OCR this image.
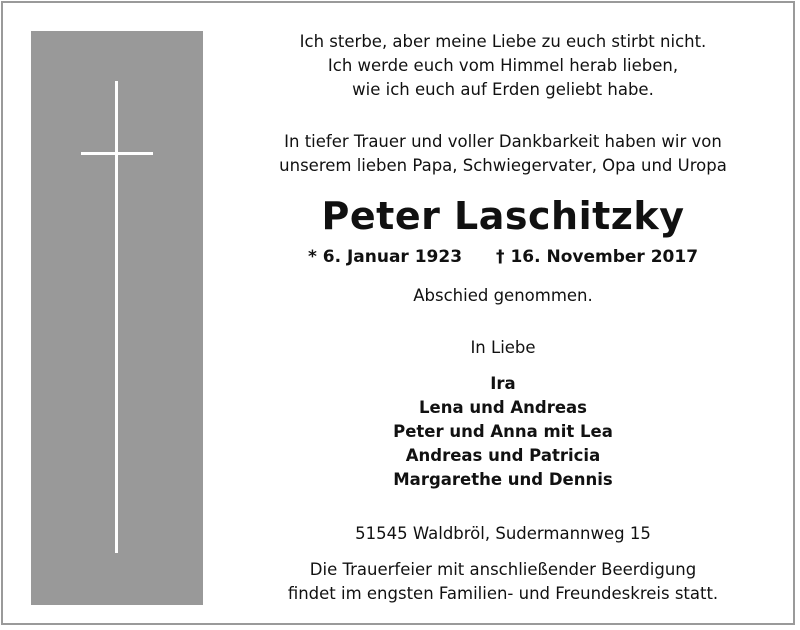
Ich sterbe, aber meine Liebe zu euch stirbt nicht.
Ich werde euch vom Himmel herab lieben,
wie ich euch auf Erden geliebt habe.
In tiefer Trauer und voller Dankbarkeit haben wir von
unserem lieben Papa, Schwiegervater, Opa und Uropa
Peter Laschitzky
* 6. Januar 1923 † 16. November 2017
Abschied genommen.
In Liebe
Ira
Lena und Andreas
Peter und Anna mit Lea
Andreas und Patricia
Margarethe und Dennis
51545 Waldbröl, Sudermannweg 15
Die Trauerfeier mit anschließender Beerdigung
findet im engsten Familien- und Freundeskreis statt.
